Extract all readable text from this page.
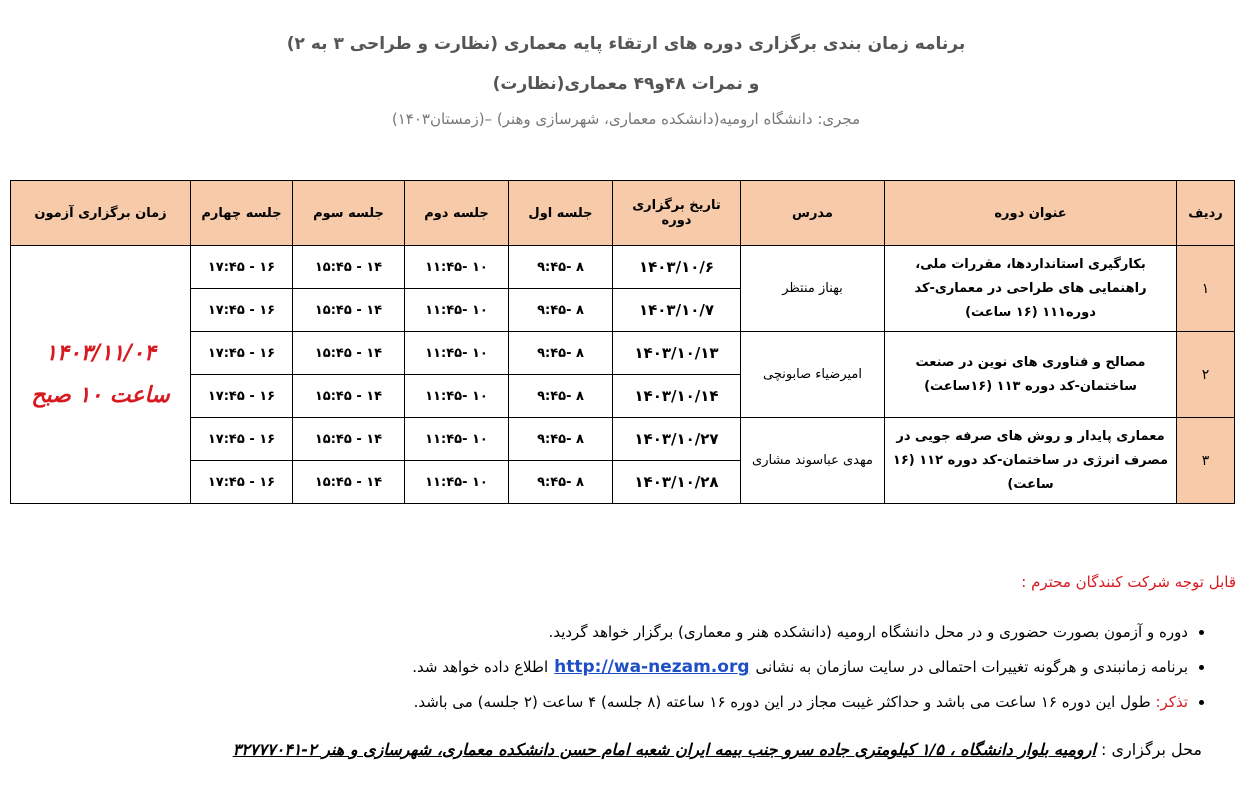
برنامه زمان بندی برگزاری دوره های ارتقاء پایه معماری (نظارت و طراحی ۳ به ۲)
و نمرات ۴۸و۴۹ معماری(نظارت)
مجری: دانشگاه ارومیه(دانشکده معماری، شهرسازی وهنر) –(زمستان۱۴۰۳)
ردیف	عنوان دوره	مدرس	تاریخ برگزاری دوره	جلسه اول	جلسه دوم	جلسه سوم	جلسه چهارم	زمان برگزاری آزمون
۱	بکارگیری استانداردها، مقررات ملی، راهنمایی های طراحی در معماری-کد دوره۱۱۱ (۱۶ ساعت)	بهناز منتظر	۱۴۰۳/۱۰/۶	۸ -۹:۴۵	۱۰ -۱۱:۴۵	۱۴ - ۱۵:۴۵	۱۶ - ۱۷:۴۵	۱۴۰۳/۱۱/۰۴
ساعت ۱۰ صبح

			۱۴۰۳/۱۰/۷	۸ -۹:۴۵	۱۰ -۱۱:۴۵	۱۴ - ۱۵:۴۵	۱۶ - ۱۷:۴۵	
۲	مصالح و فناوری های نوین در صنعت ساختمان-کد دوره ۱۱۳ (۱۶ساعت)	امیرضیاء صابونچی	۱۴۰۳/۱۰/۱۳	۸ -۹:۴۵	۱۰ -۱۱:۴۵	۱۴ - ۱۵:۴۵	۱۶ - ۱۷:۴۵	
			۱۴۰۳/۱۰/۱۴	۸ -۹:۴۵	۱۰ -۱۱:۴۵	۱۴ - ۱۵:۴۵	۱۶ - ۱۷:۴۵	
۳	معماری پایدار و روش های صرفه جویی در مصرف انرژی در ساختمان-کد دوره ۱۱۲ (۱۶ ساعت)	مهدی عباسوند مشاری	۱۴۰۳/۱۰/۲۷	۸ -۹:۴۵	۱۰ -۱۱:۴۵	۱۴ - ۱۵:۴۵	۱۶ - ۱۷:۴۵	
			۱۴۰۳/۱۰/۲۸	۸ -۹:۴۵	۱۰ -۱۱:۴۵	۱۴ - ۱۵:۴۵	۱۶ - ۱۷:۴۵	
قابل توجه شرکت کنندگان محترم :
• دوره و آزمون بصورت حضوری و در محل دانشگاه ارومیه (دانشکده هنر و معماری) برگزار خواهد گردید.
• برنامه زمانبندی و هرگونه تغییرات احتمالی در سایت سازمان به نشانیhttp://wa-nezam.orgاطلاع داده خواهد شد.
• تذکر: طول این دوره ۱۶ ساعت می باشد و حداکثر غیبت مجاز در این دوره ۱۶ ساعته (۸ جلسه) ۴ ساعت (۲ جلسه) می باشد.
محل برگزاری : ارومیه بلوار دانشگاه ، ۱/۵ کیلومتری جاده سرو جنب بیمه ایران شعبه امام حسن دانشکده معماری، شهرسازی و هنر ۲-۳۲۷۷۷۰۴۱
